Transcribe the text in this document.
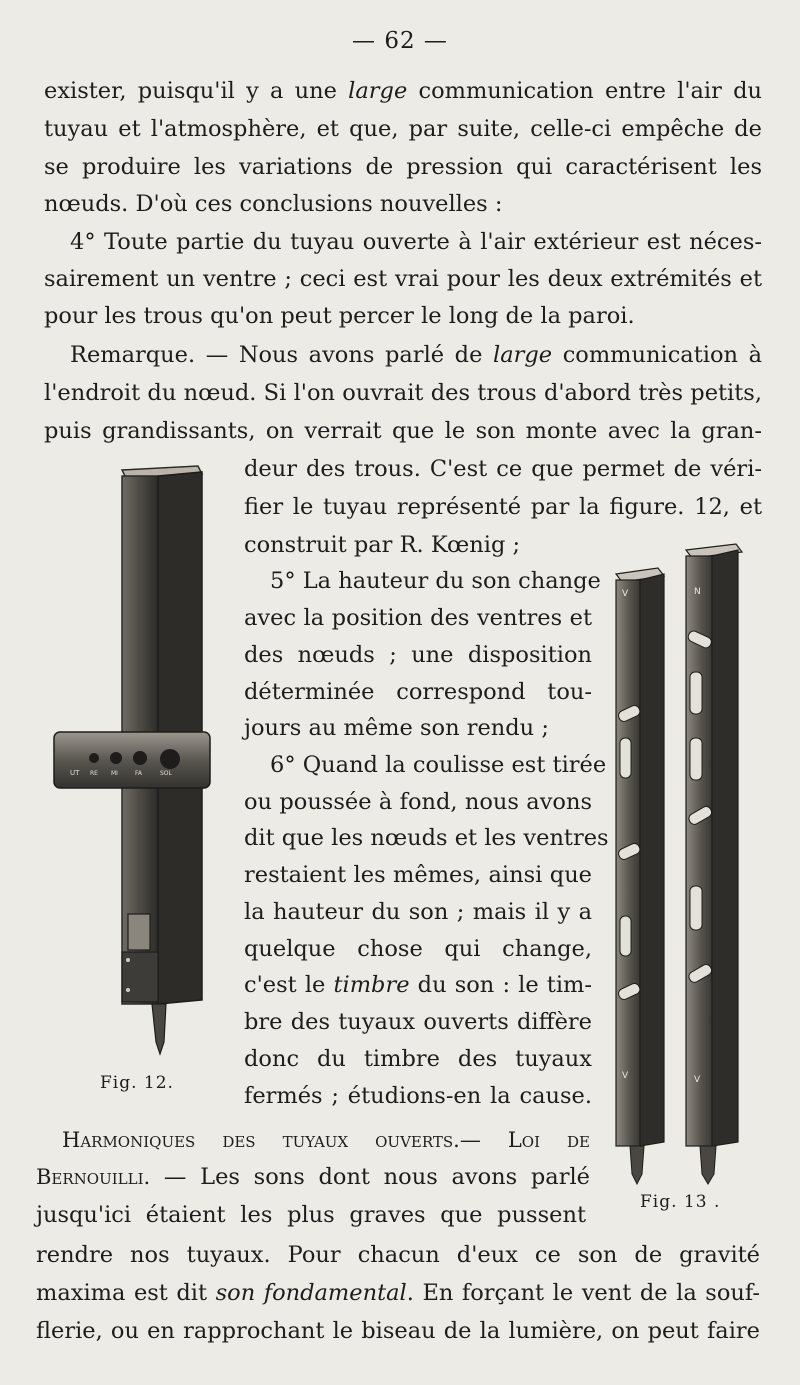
— 62 —
exister, puisqu'il y a une large communication entre l'air du
tuyau et l'atmosphère, et que, par suite, celle-ci empêche de
se produire les variations de pression qui caractérisent les
nœuds. D'où ces conclusions nouvelles :
4° Toute partie du tuyau ouverte à l'air extérieur est néces-
sairement un ventre ; ceci est vrai pour les deux extrémités et
pour les trous qu'on peut percer le long de la paroi.
Remarque. — Nous avons parlé de large communication à
l'endroit du nœud. Si l'on ouvrait des trous d'abord très petits,
puis grandissants, on verrait que le son monte avec la gran-
deur des trous. C'est ce que permet de véri-
fier le tuyau représenté par la figure. 12, et
construit par R. Kœnig ;
5° La hauteur du son change
avec la position des ventres et
des nœuds ; une disposition
déterminée correspond tou-
jours au même son rendu ;
6° Quand la coulisse est tirée
ou poussée à fond, nous avons
dit que les nœuds et les ventres
restaient les mêmes, ainsi que
la hauteur du son ; mais il y a
quelque chose qui change,
c'est le timbre du son : le tim-
bre des tuyaux ouverts diffère
donc du timbre des tuyaux
fermés ; étudions-en la cause.
Harmoniques des tuyaux ouverts.— Loi de
Bernouilli. — Les sons dont nous avons parlé
jusqu'ici étaient les plus graves que pussent
rendre nos tuyaux. Pour chacun d'eux ce son de gravité
maxima est dit son fondamental. En forçant le vent de la souf-
flerie, ou en rapprochant le biseau de la lumière, on peut faire
UT RE MI	FA	SOL
Fig. 12.
V
V
N
V
Fig. 13 .
